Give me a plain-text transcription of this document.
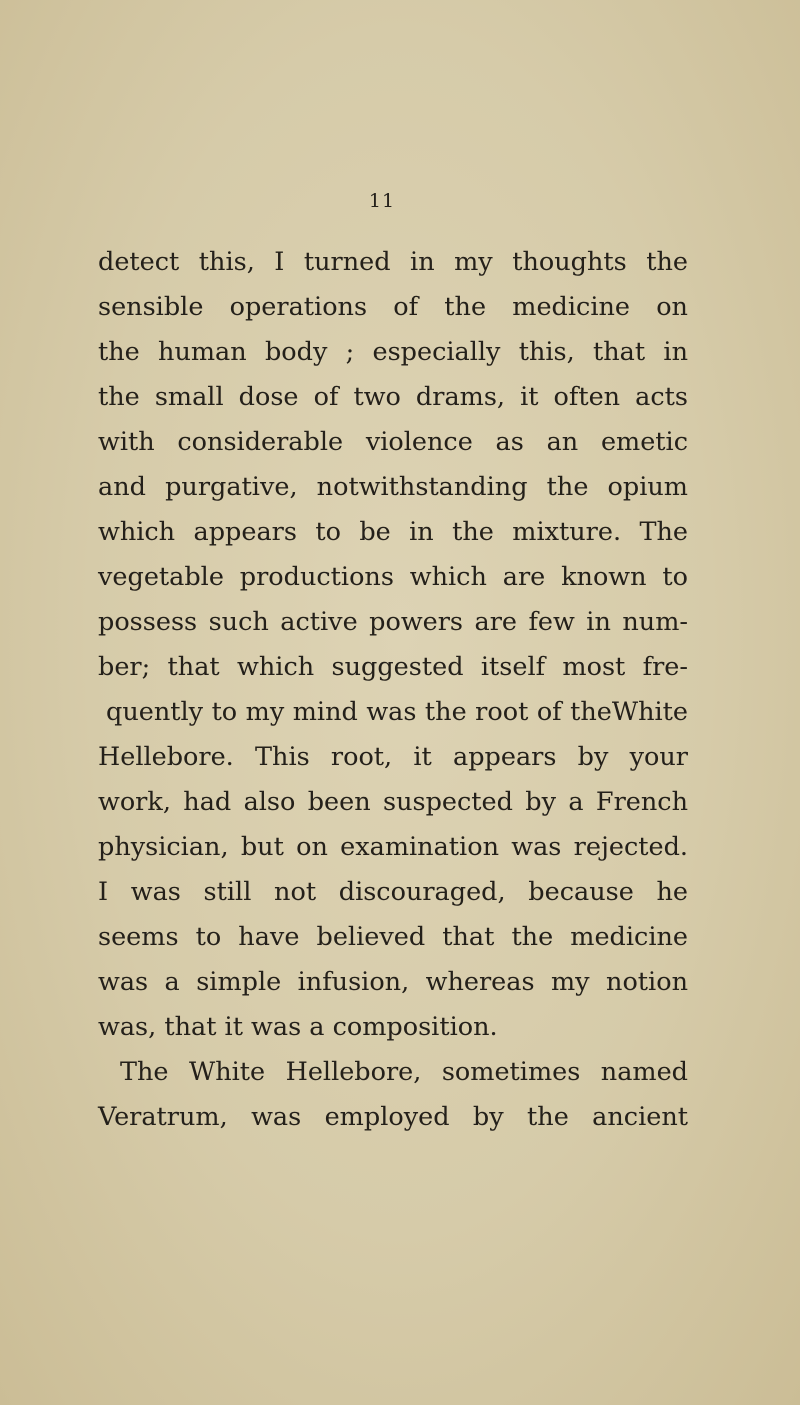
11
detect this, I turned in my thoughts the
sensible operations of the medicine on
the human body ; especially this, that in
the small dose of two drams, it often acts
with considerable violence as an emetic
and purgative, notwithstanding the opium
which appears to be in the mixture. The
vegetable productions which are known to
possess such active powers are few in num-
ber; that which suggested itself most fre-
quently to my mind was the root of theWhite
Hellebore. This root, it appears by your
work, had also been suspected by a French
physician, but on examination was rejected.
I was still not discouraged, because he
seems to have believed that the medicine
was a simple infusion, whereas my notion
was, that it was a composition.
The White Hellebore, sometimes named
Veratrum, was employed by the ancient
